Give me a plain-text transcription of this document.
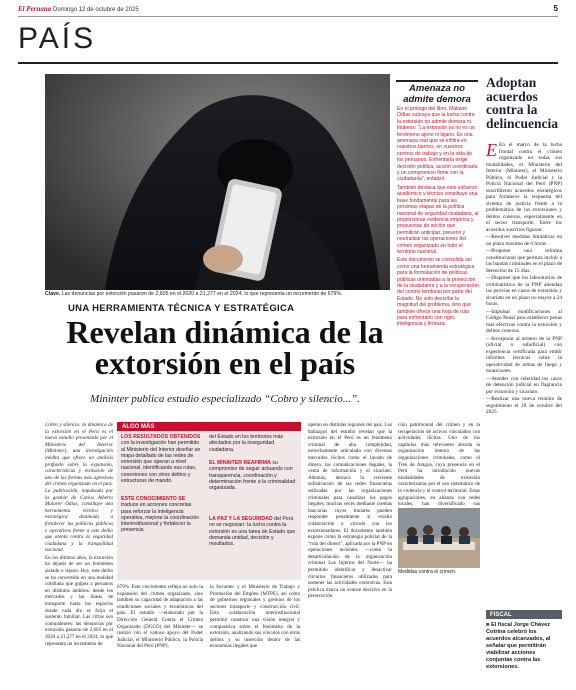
El Peruano Domingo 12 de octubre de 2025	5
PAÍS
Clave. Las denuncias por extorsión pasaron de 2,605 en el 2020 a 21,277 en el 2024, lo que representa un incremento de 679%.
UNA HERRAMIENTA TÉCNICA Y ESTRATÉGICA
Revelan dinámica de la extorsión en el país
Mininter publica estudio especializado “Cobro y silencio...”.
Amenaza no admite demora

En el prólogo del libro, Malaver Odías subraya que la lucha contra la extorsión no admite demora ni titubeos: “La extorsión ya no es un fenómeno ajeno ni lejano. Es una amenaza real que se infiltra en nuestros barrios, en nuestros centros de trabajo y en la vida de los peruanos. Enfrentarla exige decisión política, acción coordinada y un compromiso firme con la ciudadanía”, enfatizó.

También destaca que este esfuerzo académico y técnico constituye una base fundamental para las próximas etapas de la política nacional de seguridad ciudadana, al proporcionar evidencia empírica y propuestas de acción que permitirán anticipar, prevenir y neutralizar las operaciones del crimen organizado en todo el territorio nacional.

Este documento se consolida así como una herramienta estratégica para la formulación de políticas públicas orientadas a la protección de la ciudadanía y a la recuperación del control territorial por parte del Estado. No solo describe la magnitud del problema, sino que también ofrece una hoja de ruta para enfrentarlo con rigor, inteligencia y firmeza.

Adoptan acuerdos contra la delincuencia

E En el marco de la lucha frontal contra el crimen organizado en todas sus modalidades, el Ministerio del Interior (Mininter), el Ministerio Público, el Poder Judicial y la Policía Nacional del Perú (PNP) suscribieron acuerdos estratégicos para fortalecer la respuesta del sistema de justicia frente a la problemática de las extorsiones y delitos conexos, especialmente en el sector transporte. Entre los acuerdos suscritos figuran:

—Resolver medidas limitativas en un plazo máximo de 6 horas.

—Proponer una reforma constitucional que permita incluir a las bandas criminales en el plazo de detención de 15 días.

—Disponer que los laboratorios de criminalística de la PNP atiendan las pericias en casos de extorsión y sicariato en un plazo no mayor a 24 horas.

—Impulsar modificaciones al Código Penal para establecer penas más efectivas contra la extorsión y delitos conexos.

—Incorporar al armero de la PNP (oficial o suboficial) con experiencia certificada para emitir informes técnicos sobre la operatividad de armas de fuego y municiones.

—Atender con celeridad los casos de detención judicial en flagrancia por extorsión y sicariato.

—Realizar una nueva reunión de seguimiento el 18 de octubre del 2025.

Cobro y silencio: la dinámica de la extorsión en el Perú es el nuevo estudio presentado por el Ministerio del Interior (Mininter), una investigación inédita que ofrece un análisis profundo sobre la expansión, características y evolución de uno de las formas más agresivas del crimen organizado en el país. La publicación, impulsada por la gestión de Carlos Alberto Malaver Odías, constituye una herramienta técnica y estratégica destinada a fortalecer las políticas públicas y operativos frente a este delito que atenta contra la seguridad ciudadana y la tranquilidad nacional.

En los últimos años, la extorsión ha dejado de ser un fenómeno aislado o lejano. Hoy, este delito se ha convertido en una realidad cotidiana que golpea a peruanos en distintos ámbitos: desde los mercados y las líneas de transporte hasta los espacios donde cada día se forja el sustento familiar. Las cifras son contundentes: las denuncias por extorsión pasaron de 2,605 en el 2020 a 21,277 en el 2024, lo que representa un incremento de

ALGO MÁS
LOS RESULTADOS OBTENIDOS con la investigación han permitido al Ministerio del Interior diseñar un mapa detallado de las redes de extorsión que operan a nivel nacional, identificando sus rutas, conexiones con otros delitos y estructuras de mando.
ESTE CONOCIMIENTO SE traduce en acciones concretas para reforzar la inteligencia operativa, mejorar la coordinación interinstitucional y fortalecer la presencia
del Estado en los territorios más afectados por la inseguridad ciudadana.
EL MININTER REAFIRMA su compromiso de seguir actuando con transparencia, coordinación y determinación frente a la criminalidad organizada.
LA PAZ Y LA SEGURIDAD del Perú no se negocian: la lucha contra la extorsión es una tarea de Estado que demanda unidad, decisión y resultados.

679%. Este crecimiento refleja no solo la expansión del crimen organizado, sino también su capacidad de adaptación a las condiciones sociales y económicas del país. El estudio —elaborado por la Dirección General Contra el Crimen Organizado (DGCO) del Mininter— se realizó con el valioso apoyo del Poder Judicial, el Ministerio Público, la Policía Nacional del Perú (PNP),

la Sucamec y el Ministerio de Trabajo y Promoción del Empleo (MTPE), así como de gobiernos regionales y gremios de los sectores transporte y construcción civil. Esta colaboración interinstitucional permitió construir una visión integral y comparativa sobre el fenómeno de la extorsión, analizando sus vínculos con otros delitos y su inserción dentro de las economías ilegales que

operan en distintas regiones del país. Los hallazgos del estudio revelan que la extorsión en el Perú es un fenómeno criminal de alta complejidad, estrechamente articulado con diversos mercados ilícitos como el lavado de dinero, las comunicaciones ilegales, la venta de información y el sicariato. Además, destaca la creciente sofisticación de las redes financieras utilizadas por las organizaciones criminales para canalizar los pagos ilegales, muchas veces mediante cuentas bancarias cuyos titulares pueden responder penalmente si existió colaboración o vínculo con los extorsionadores. El documento también expone cómo la estrategia policial de la “ruta del dinero”, aplicada por la PNP en operaciones recientes —como la desarticulación de la organización criminal Los Injertos del Norte— ha permitido identificar y desactivar circuitos financieros utilizados para sostener las actividades extorsivas. Esta práctica marca un avance decisivo en la persecución

ción patrimonial del crimen y en la recuperación de activos vinculados con actividades ilícitas. Uno de los capítulos más relevantes aborda la organización interna de las organizaciones criminales, como el Tren de Aragua, cuya presencia en el Perú ha introducido nuevas modalidades de extorsión caracterizadas por el uso sistemático de la violencia y el control territorial. Estas agrupaciones, en alianza con redes locales, han diversificado sus

Medidas contra el crimen.
FISCAL
■ El fiscal Jorge Chávez Cotrina celebró los acuerdos alcanzados, al señalar que permitirán viabilizar acciones conjuntas contra las extorsiones.
